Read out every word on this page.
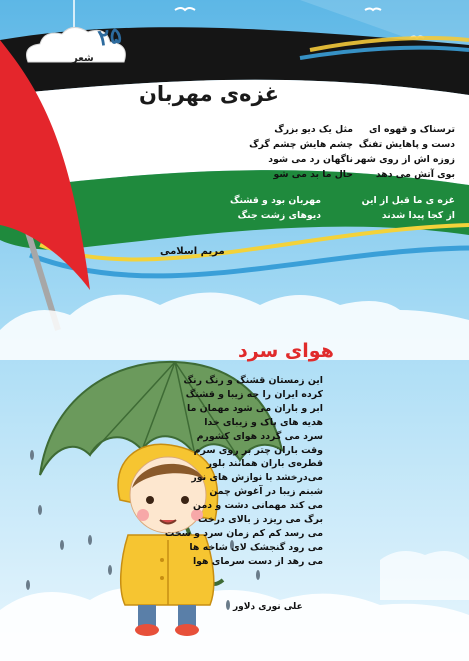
۲۵
شعر
غزه‌ی مهربان
ترسناک و قهوه ای
دست و پاهایش تفنگ
زوزه اش از روی شهر
بوی آتش می دهد
مثل یک دیو بزرگ
چشم هایش چشم گرگ
ناگهان رد می شود
حال ما بد می شو
غزه ی ما قبل از این
از کجا پیدا شدند
مهربان بود و قشنگ
دیوهای زشت جنگ
مریم اسلامی
هوای سرد
این زمستان قشنگ و رنگ رنگ
کرده ایران را چه زیبا و قشنگ
ابر و باران می شود مهمان ما
هدیه های پاک و زیبای خدا
سرد می گردد هوای کشورم
وقت باران چتر بر روی سرم
قطره‌ی باران همانند بلور
می‌درخشد با نوازش های نور
شبنم زیبا در آغوش چمن
می کند مهمانی دشت و دمن
برگ می ریزد ز بالای درخت
می رسد کم کم زمان سرد و سخت
می رود گنجشک لای شاخه ها
می رهد از دست سرمای هوا
علی نوری دلاور
